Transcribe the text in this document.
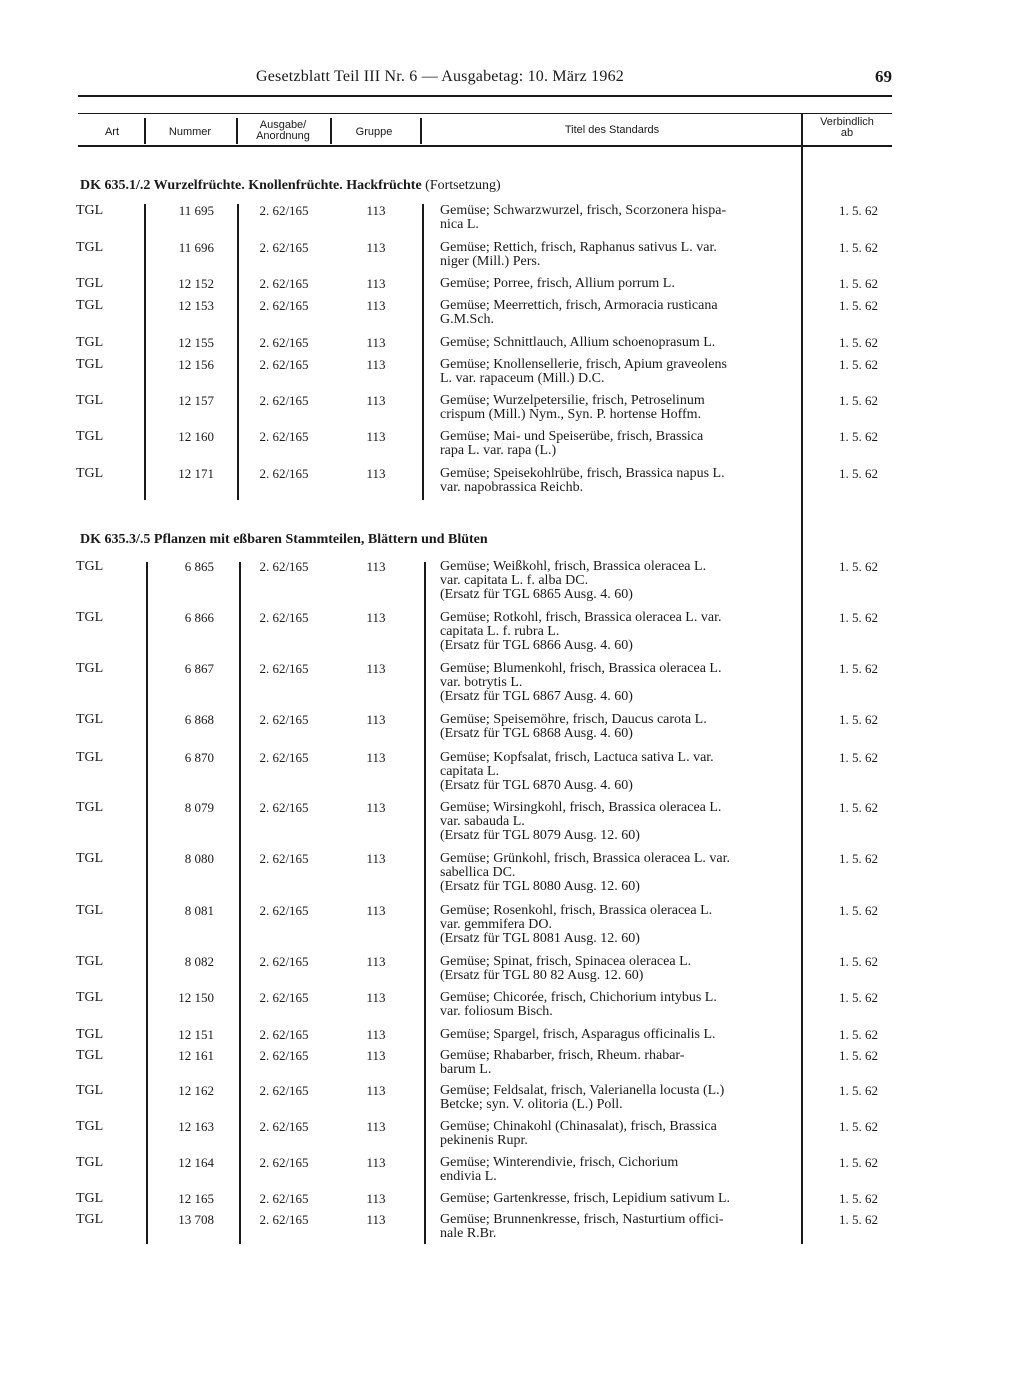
Gesetzblatt Teil III Nr. 6 — Ausgabetag: 10. März 1962	69
Art	Nummer
Ausgabe/
Anordnung	Gruppe	Titel des Standards
Verbindlich
ab
DK 635.1/.2 Wurzelfrüchte. Knollenfrüchte. Hackfrüchte (Fortsetzung)
TGL	11 695	2. 62/165	113	Gemüse; Schwarzwurzel, frisch, Scorzonera hispa-
nica L.
1. 5. 62
TGL	11 696	2. 62/165	113	Gemüse; Rettich, frisch, Raphanus sativus L. var.
niger (Mill.) Pers.
1. 5. 62
TGL	12 152	2. 62/165	113	Gemüse; Porree, frisch, Allium porrum L.	1. 5. 62
TGL	12 153	2. 62/165	113	Gemüse; Meerrettich, frisch, Armoracia rusticana
G.M.Sch.
1. 5. 62
TGL	12 155	2. 62/165	113	Gemüse; Schnittlauch, Allium schoenoprasum L.	1. 5. 62
TGL	12 156	2. 62/165	113	Gemüse; Knollensellerie, frisch, Apium graveolens
L. var. rapaceum (Mill.) D.C.
1. 5. 62
TGL	12 157	2. 62/165	113	Gemüse; Wurzelpetersilie, frisch, Petroselinum
crispum (Mill.) Nym., Syn. P. hortense Hoffm.
1. 5. 62
TGL	12 160	2. 62/165	113	Gemüse; Mai- und Speiserübe, frisch, Brassica
rapa L. var. rapa (L.)
1. 5. 62
TGL	12 171	2. 62/165	113	Gemüse; Speisekohlrübe, frisch, Brassica napus L.
var. napobrassica Reichb.
1. 5. 62
DK 635.3/.5 Pflanzen mit eßbaren Stammteilen, Blättern und Blüten
TGL	6 865	2. 62/165	113	Gemüse; Weißkohl, frisch, Brassica oleracea L.
var. capitata L. f. alba DC.
(Ersatz für TGL 6865 Ausg. 4. 60)
1. 5. 62
TGL	6 866	2. 62/165	113	Gemüse; Rotkohl, frisch, Brassica oleracea L. var.
capitata L. f. rubra L.
(Ersatz für TGL 6866 Ausg. 4. 60)
1. 5. 62
TGL	6 867	2. 62/165	113	Gemüse; Blumenkohl, frisch, Brassica oleracea L.
var. botrytis L.
(Ersatz für TGL 6867 Ausg. 4. 60)
1. 5. 62
TGL	6 868	2. 62/165	113	Gemüse; Speisemöhre, frisch, Daucus carota L.
(Ersatz für TGL 6868 Ausg. 4. 60)
1. 5. 62
TGL	6 870	2. 62/165	113	Gemüse; Kopfsalat, frisch, Lactuca sativa L. var.
capitata L.
(Ersatz für TGL 6870 Ausg. 4. 60)
1. 5. 62
TGL	8 079	2. 62/165	113	Gemüse; Wirsingkohl, frisch, Brassica oleracea L.
var. sabauda L.
(Ersatz für TGL 8079 Ausg. 12. 60)
1. 5. 62
TGL	8 080	2. 62/165	113	Gemüse; Grünkohl, frisch, Brassica oleracea L. var.
sabellica DC.
(Ersatz für TGL 8080 Ausg. 12. 60)
1. 5. 62
TGL	8 081	2. 62/165	113	Gemüse; Rosenkohl, frisch, Brassica oleracea L.
var. gemmifera DO.
(Ersatz für TGL 8081 Ausg. 12. 60)
1. 5. 62
TGL	8 082	2. 62/165	113	Gemüse; Spinat, frisch, Spinacea oleracea L.
(Ersatz für TGL 80 82 Ausg. 12. 60)
1. 5. 62
TGL	12 150	2. 62/165	113	Gemüse; Chicorée, frisch, Chichorium intybus L.
var. foliosum Bisch.
1. 5. 62
TGL	12 151	2. 62/165	113	Gemüse; Spargel, frisch, Asparagus officinalis L.	1. 5. 62
TGL	12 161	2. 62/165	113	Gemüse; Rhabarber, frisch, Rheum. rhabar-
barum L.
1. 5. 62
TGL	12 162	2. 62/165	113	Gemüse; Feldsalat, frisch, Valerianella locusta (L.)
Betcke; syn. V. olitoria (L.) Poll.
1. 5. 62
TGL	12 163	2. 62/165	113	Gemüse; Chinakohl (Chinasalat), frisch, Brassica
pekinenis Rupr.
1. 5. 62
TGL	12 164	2. 62/165	113	Gemüse; Winterendivie, frisch, Cichorium
endivia L.
1. 5. 62
TGL	12 165	2. 62/165	113	Gemüse; Gartenkresse, frisch, Lepidium sativum L.	1. 5. 62
TGL	13 708	2. 62/165	113	Gemüse; Brunnenkresse, frisch, Nasturtium offici-
nale R.Br.
1. 5. 62
